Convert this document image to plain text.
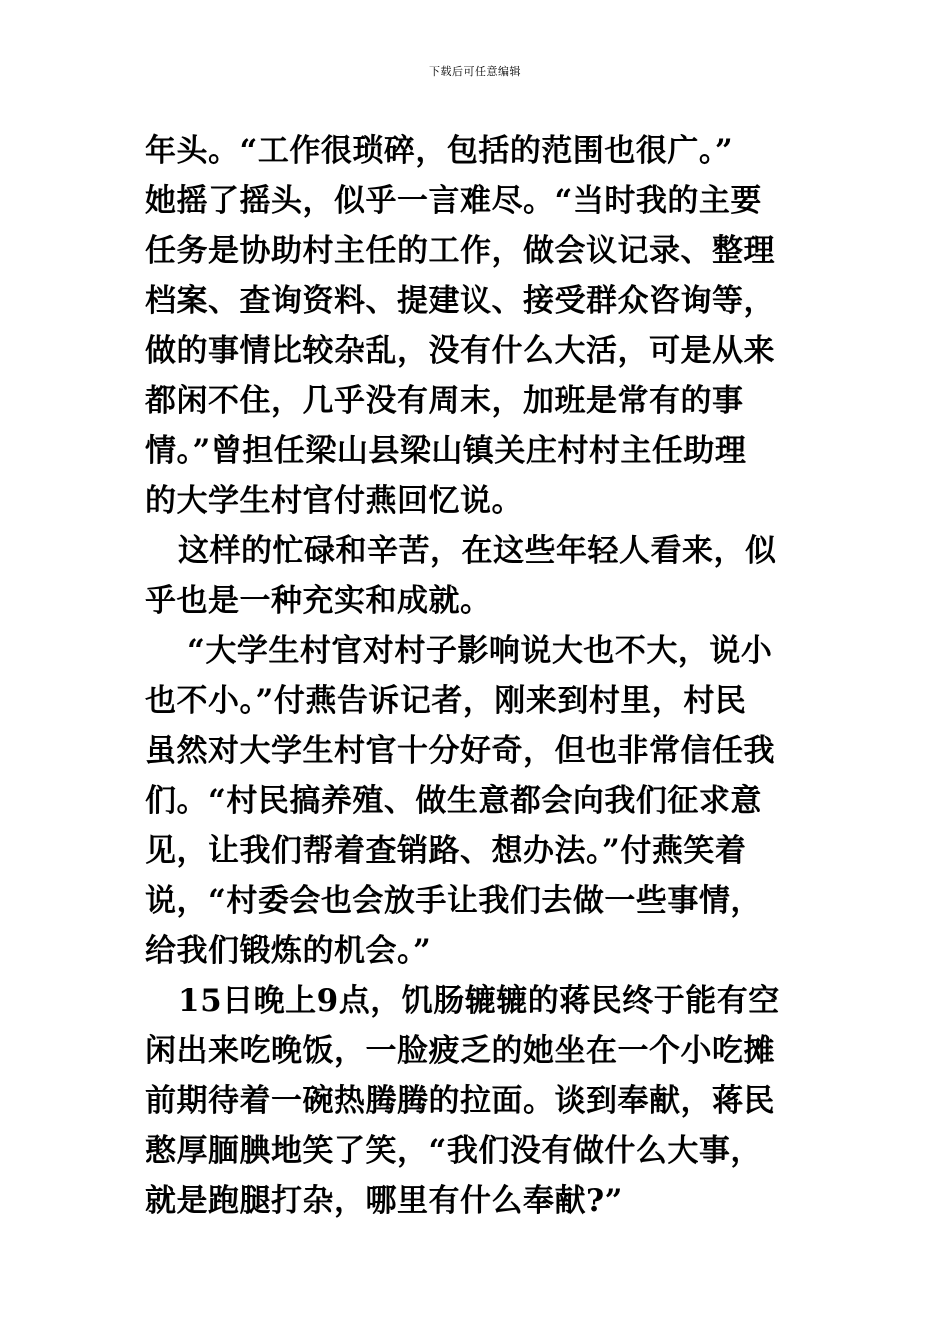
下载后可任意编辑
年头。“工作很琐碎，包括的范围也很广。”
她摇了摇头，似乎一言难尽。“当时我的主要
任务是协助村主任的工作，做会议记录、整理
档案、查询资料、提建议、接受群众咨询等，
做的事情比较杂乱，没有什么大活，可是从来
都闲不住，几乎没有周末，加班是常有的事
情。”曾担任梁山县梁山镇关庄村村主任助理
的大学生村官付燕回忆说。
这样的忙碌和辛苦，在这些年轻人看来，似
乎也是一种充实和成就。
“大学生村官对村子影响说大也不大，说小
也不小。”付燕告诉记者，刚来到村里，村民
虽然对大学生村官十分好奇，但也非常信任我
们。“村民搞养殖、做生意都会向我们征求意
见，让我们帮着查销路、想办法。”付燕笑着
说，“村委会也会放手让我们去做一些事情，
给我们锻炼的机会。”
15日晚上9点，饥肠辘辘的蒋民终于能有空
闲出来吃晚饭，一脸疲乏的她坐在一个小吃摊
前期待着一碗热腾腾的拉面。谈到奉献，蒋民
憨厚腼腆地笑了笑，“我们没有做什么大事，
就是跑腿打杂，哪里有什么奉献?”
